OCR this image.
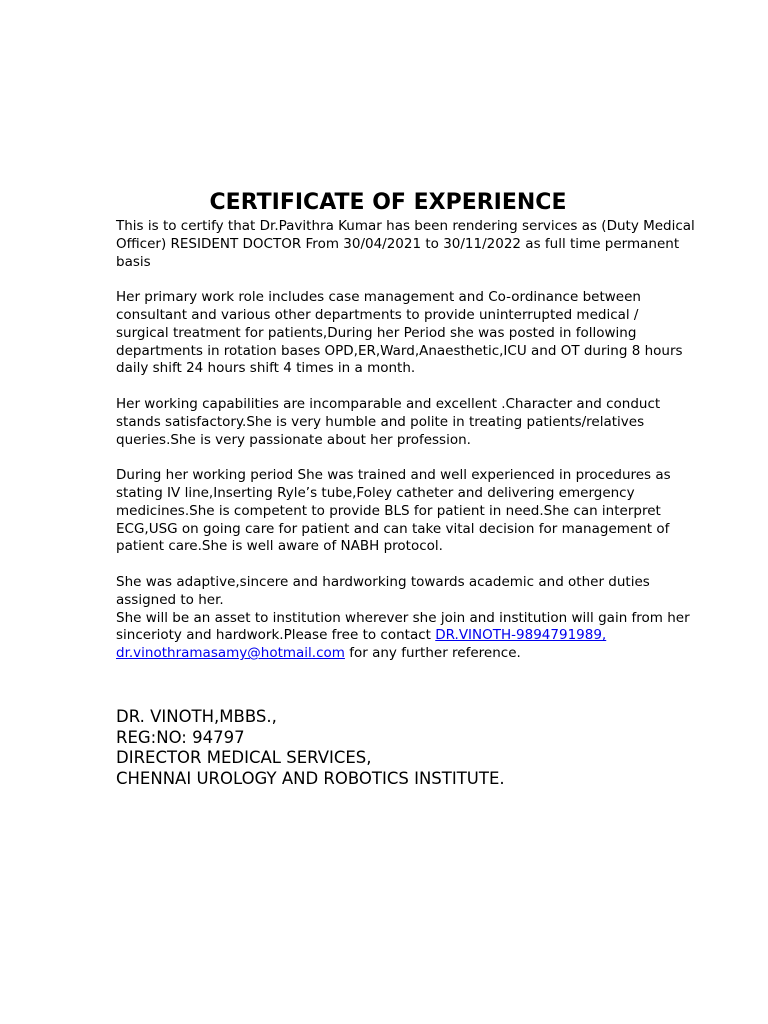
CERTIFICATE OF EXPERIENCE
This is to certify that Dr.Pavithra Kumar has been rendering services as (Duty Medical
Officer) RESIDENT DOCTOR From 30/04/2021 to 30/11/2022 as full time permanent
basis
Her primary work role includes case management and Co-ordinance between
consultant and various other departments to provide uninterrupted medical /
surgical treatment for patients,During her Period she was posted in following
departments in rotation bases OPD,ER,Ward,Anaesthetic,ICU and OT during 8 hours
daily shift 24 hours shift 4 times in a month.
Her working capabilities are incomparable and excellent .Character and conduct
stands satisfactory.She is very humble and polite in treating patients/relatives
queries.She is very passionate about her profession.
During her working period She was trained and well experienced in procedures as
stating IV line,Inserting Ryle’s tube,Foley catheter and delivering emergency
medicines.She is competent to provide BLS for patient in need.She can interpret
ECG,USG on going care for patient and can take vital decision for management of
patient care.She is well aware of NABH protocol.
She was adaptive,sincere and hardworking towards academic and other duties
assigned to her.
She will be an asset to institution wherever she join and institution will gain from her
sincerioty and hardwork.Please free to contact DR.VINOTH-9894791989,
dr.vinothramasamy@hotmail.com for any further reference.
DR. VINOTH,MBBS.,
REG:NO: 94797
DIRECTOR MEDICAL SERVICES,
CHENNAI UROLOGY AND ROBOTICS INSTITUTE.
